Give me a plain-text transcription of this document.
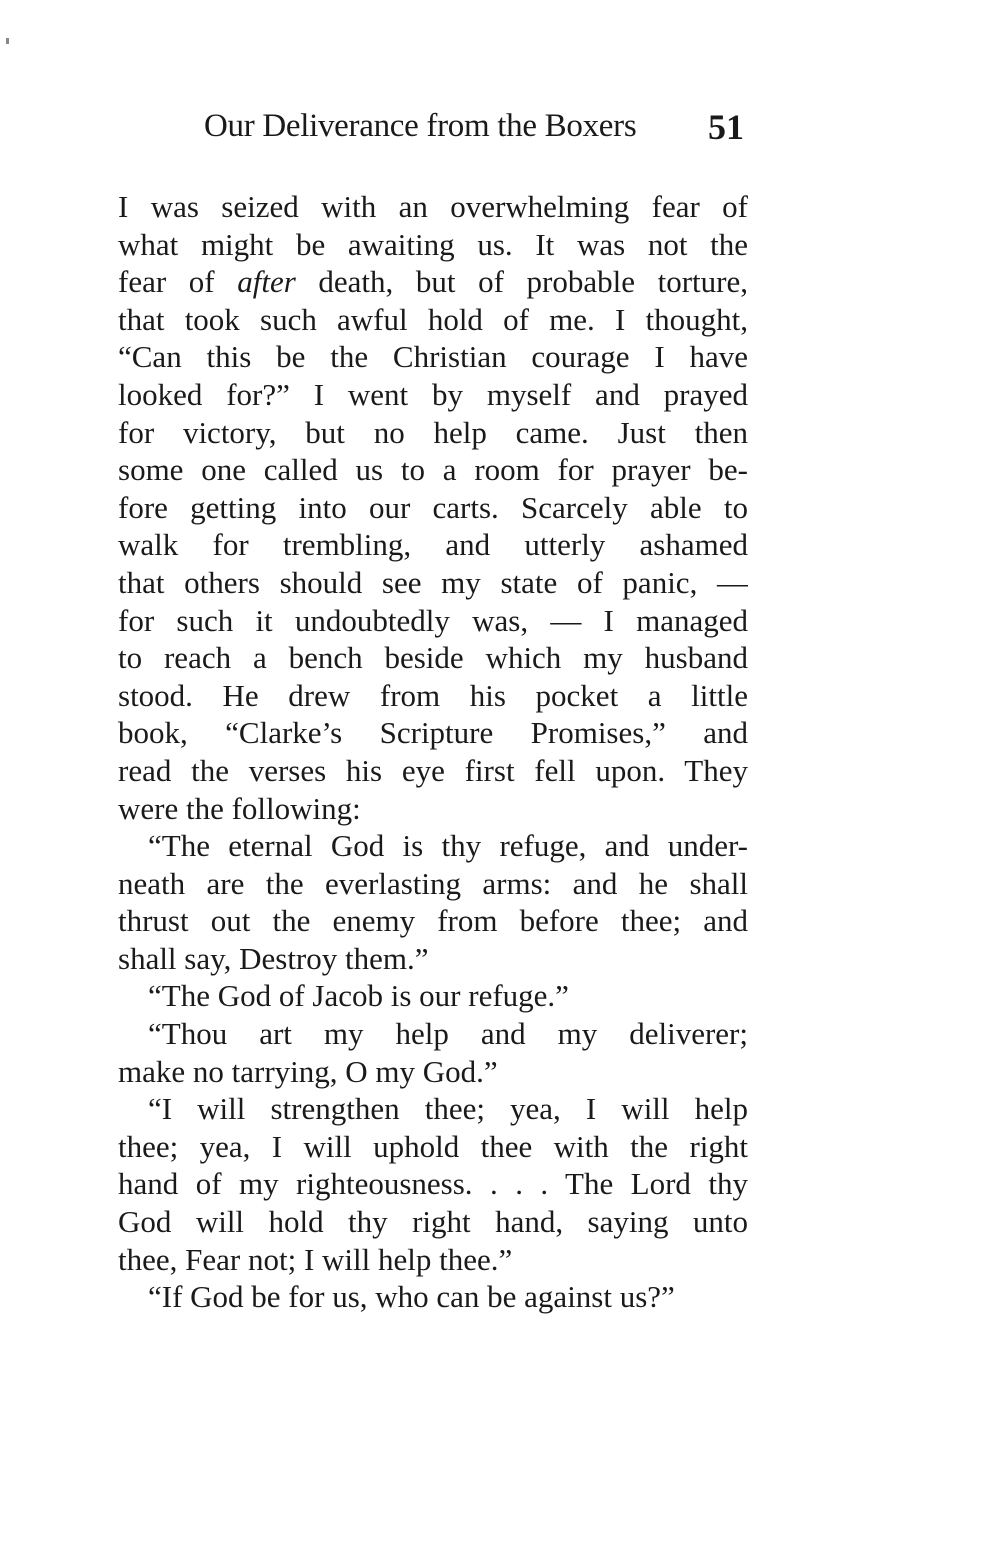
Our Deliverance from the Boxers 51
I was seized with an overwhelming fear of
what might be awaiting us. It was not the
fear of after death, but of probable torture,
that took such awful hold of me. I thought,
“Can this be the Christian courage I have
looked for?” I went by myself and prayed
for victory, but no help came. Just then
some one called us to a room for prayer be-
fore getting into our carts. Scarcely able to
walk for trembling, and utterly ashamed
that others should see my state of panic, —
for such it undoubtedly was, — I managed
to reach a bench beside which my husband
stood. He drew from his pocket a little
book, “Clarke’s Scripture Promises,” and
read the verses his eye first fell upon. They
were the following:
“The eternal God is thy refuge, and under-
neath are the everlasting arms: and he shall
thrust out the enemy from before thee; and
shall say, Destroy them.”
“The God of Jacob is our refuge.”
“Thou art my help and my deliverer;
make no tarrying, O my God.”
“I will strengthen thee; yea, I will help
thee; yea, I will uphold thee with the right
hand of my righteousness. . . . The Lord thy
God will hold thy right hand, saying unto
thee, Fear not; I will help thee.”
“If God be for us, who can be against us?”
